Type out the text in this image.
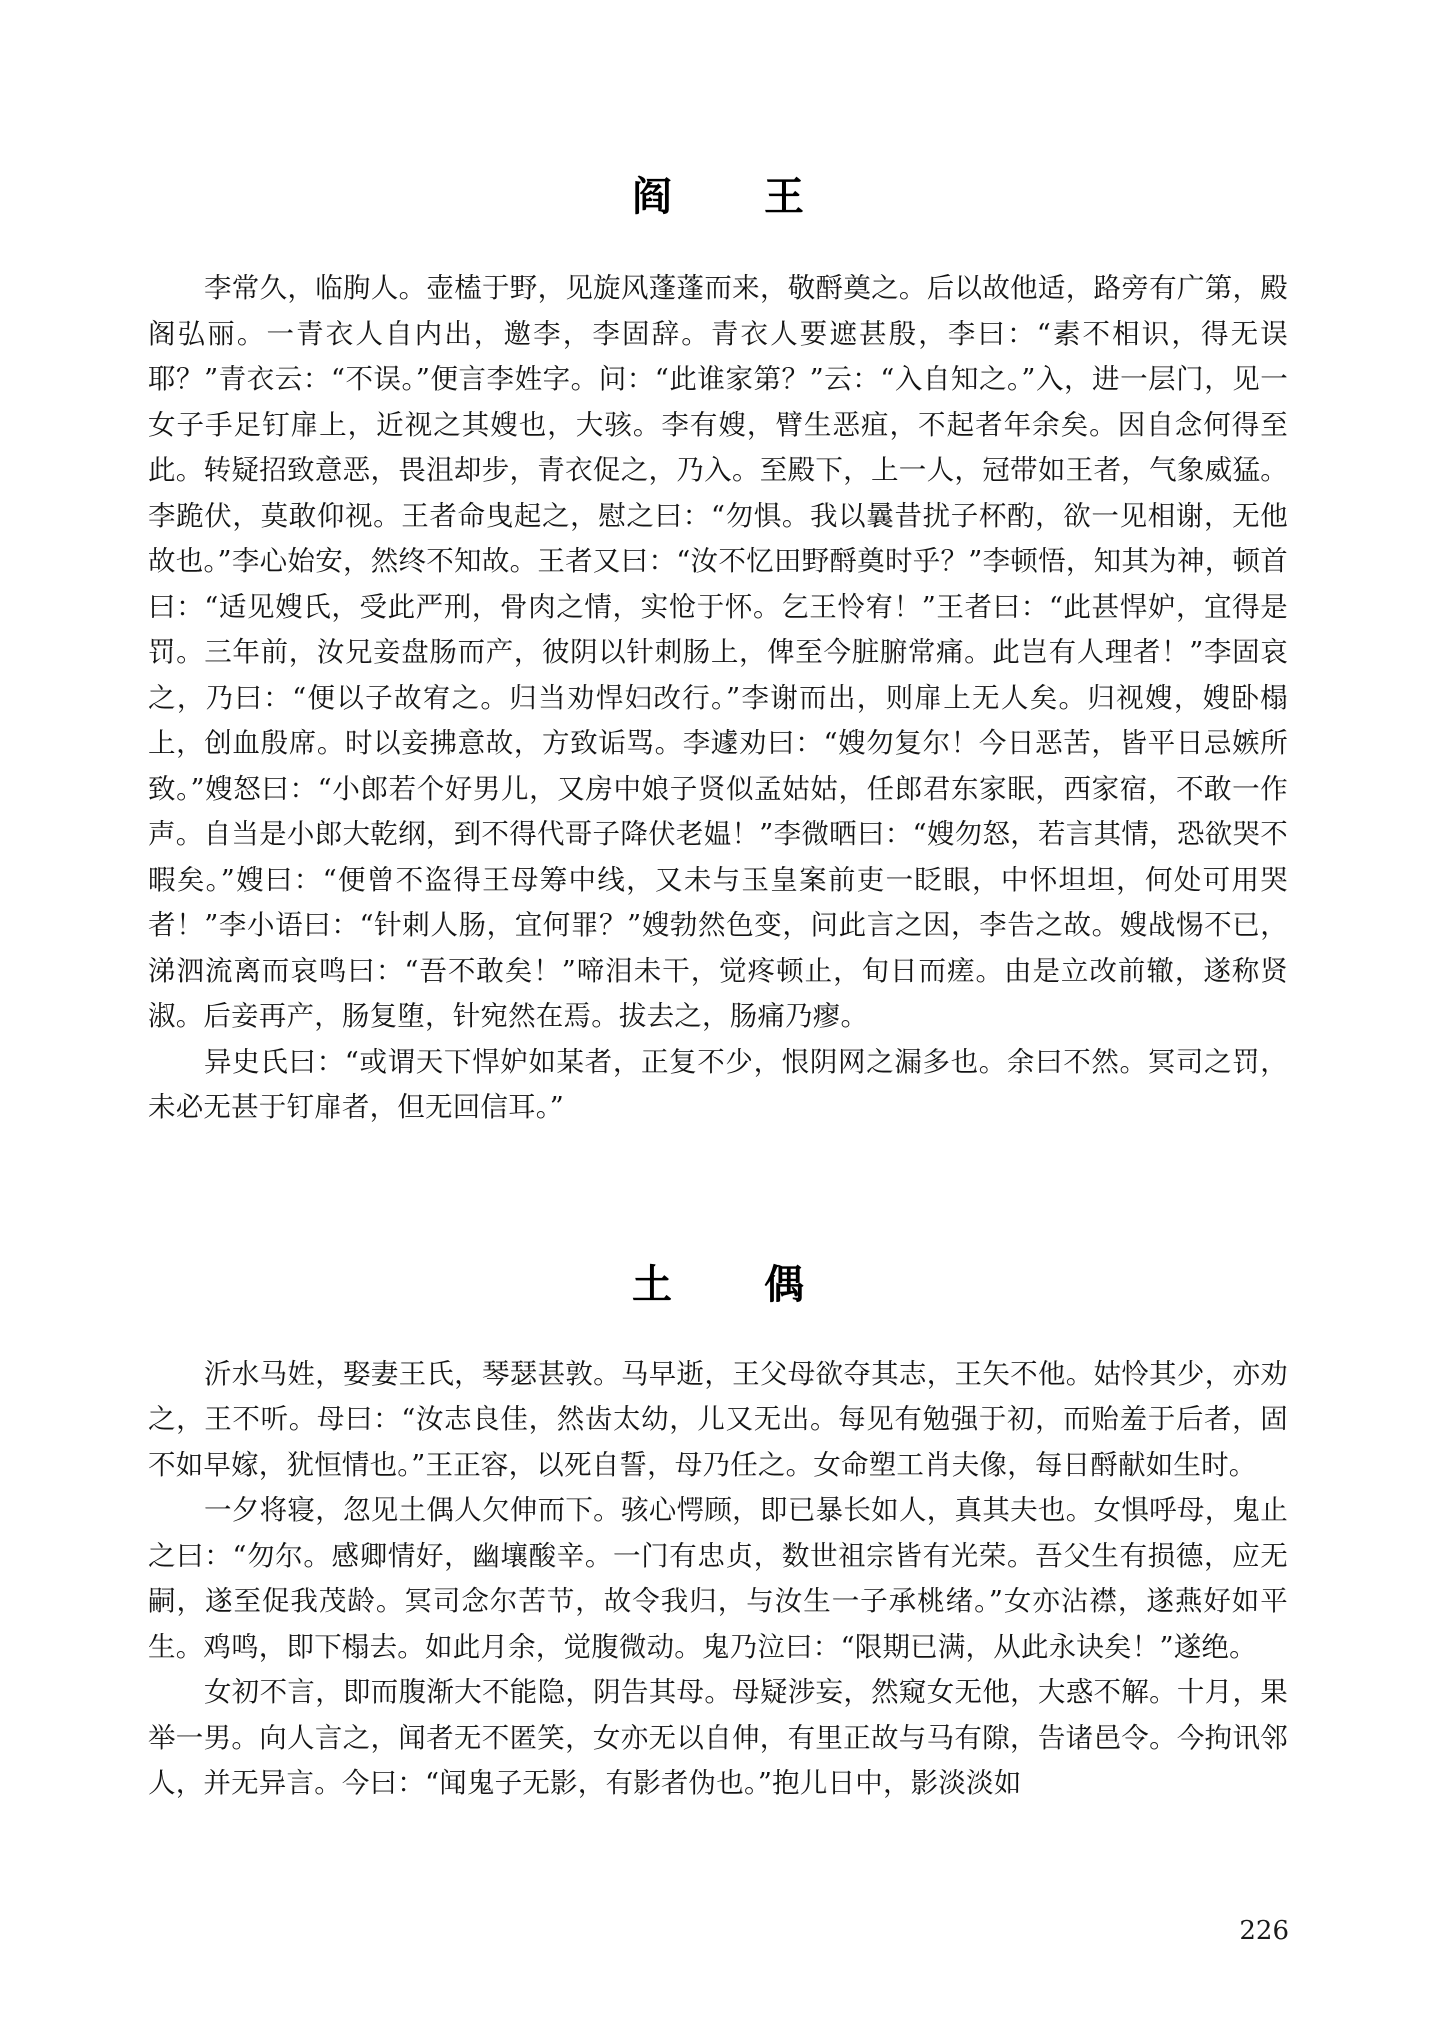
阎　王

李常久，临朐人。壶榼于野，见旋风蓬蓬而来，敬酹奠之。后以故他适，路旁有广第，殿阁弘丽。一青衣人自内出，邀李，李固辞。青衣人要遮甚殷，李曰：“素不相识，得无误耶？”青衣云：“不误。”便言李姓字。问：“此谁家第？”云：“入自知之。”入，进一层门，见一女子手足钉扉上，近视之其嫂也，大骇。李有嫂，臂生恶疽，不起者年余矣。因自念何得至此。转疑招致意恶，畏沮却步，青衣促之，乃入。至殿下，上一人，冠带如王者，气象威猛。李跪伏，莫敢仰视。王者命曳起之，慰之曰：“勿惧。我以曩昔扰子杯酌，欲一见相谢，无他故也。”李心始安，然终不知故。王者又曰：“汝不忆田野酹奠时乎？”李顿悟，知其为神，顿首曰：“适见嫂氏，受此严刑，骨肉之情，实怆于怀。乞王怜宥！”王者曰：“此甚悍妒，宜得是罚。三年前，汝兄妾盘肠而产，彼阴以针刺肠上，俾至今脏腑常痛。此岂有人理者！”李固哀之，乃曰：“便以子故宥之。归当劝悍妇改行。”李谢而出，则扉上无人矣。归视嫂，嫂卧榻上，创血殷席。时以妾拂意故，方致诟骂。李遽劝曰：“嫂勿复尔！今日恶苦，皆平日忌嫉所致。”嫂怒曰：“小郎若个好男儿，又房中娘子贤似孟姑姑，任郎君东家眠，西家宿，不敢一作声。自当是小郎大乾纲，到不得代哥子降伏老媪！”李微晒曰：“嫂勿怒，若言其情，恐欲哭不暇矣。”嫂曰：“便曾不盗得王母筹中线，又未与玉皇案前吏一眨眼，中怀坦坦，何处可用哭者！”李小语曰：“针刺人肠，宜何罪？”嫂勃然色变，问此言之因，李告之故。嫂战惕不已，涕泗流离而哀鸣曰：“吾不敢矣！”啼泪未干，觉疼顿止，旬日而瘥。由是立改前辙，遂称贤淑。后妾再产，肠复堕，针宛然在焉。拔去之，肠痛乃瘳。

异史氏曰：“或谓天下悍妒如某者，正复不少，恨阴网之漏多也。余曰不然。冥司之罚，未必无甚于钉扉者，但无回信耳。”

土　偶

沂水马姓，娶妻王氏，琴瑟甚敦。马早逝，王父母欲夺其志，王矢不他。姑怜其少，亦劝之，王不听。母曰：“汝志良佳，然齿太幼，儿又无出。每见有勉强于初，而贻羞于后者，固不如早嫁，犹恒情也。”王正容，以死自誓，母乃任之。女命塑工肖夫像，每日酹献如生时。

一夕将寝，忽见土偶人欠伸而下。骇心愕顾，即已暴长如人，真其夫也。女惧呼母，鬼止之曰：“勿尔。感卿情好，幽壤酸辛。一门有忠贞，数世祖宗皆有光荣。吾父生有损德，应无嗣，遂至促我茂龄。冥司念尔苦节，故令我归，与汝生一子承桃绪。”女亦沾襟，遂燕好如平生。鸡鸣，即下榻去。如此月余，觉腹微动。鬼乃泣曰：“限期已满，从此永诀矣！”遂绝。

女初不言，即而腹渐大不能隐，阴告其母。母疑涉妄，然窥女无他，大惑不解。十月，果举一男。向人言之，闻者无不匿笑，女亦无以自伸，有里正故与马有隙，告诸邑令。今拘讯邻人，并无异言。今曰：“闻鬼子无影，有影者伪也。”抱儿日中，影淡淡如

226
